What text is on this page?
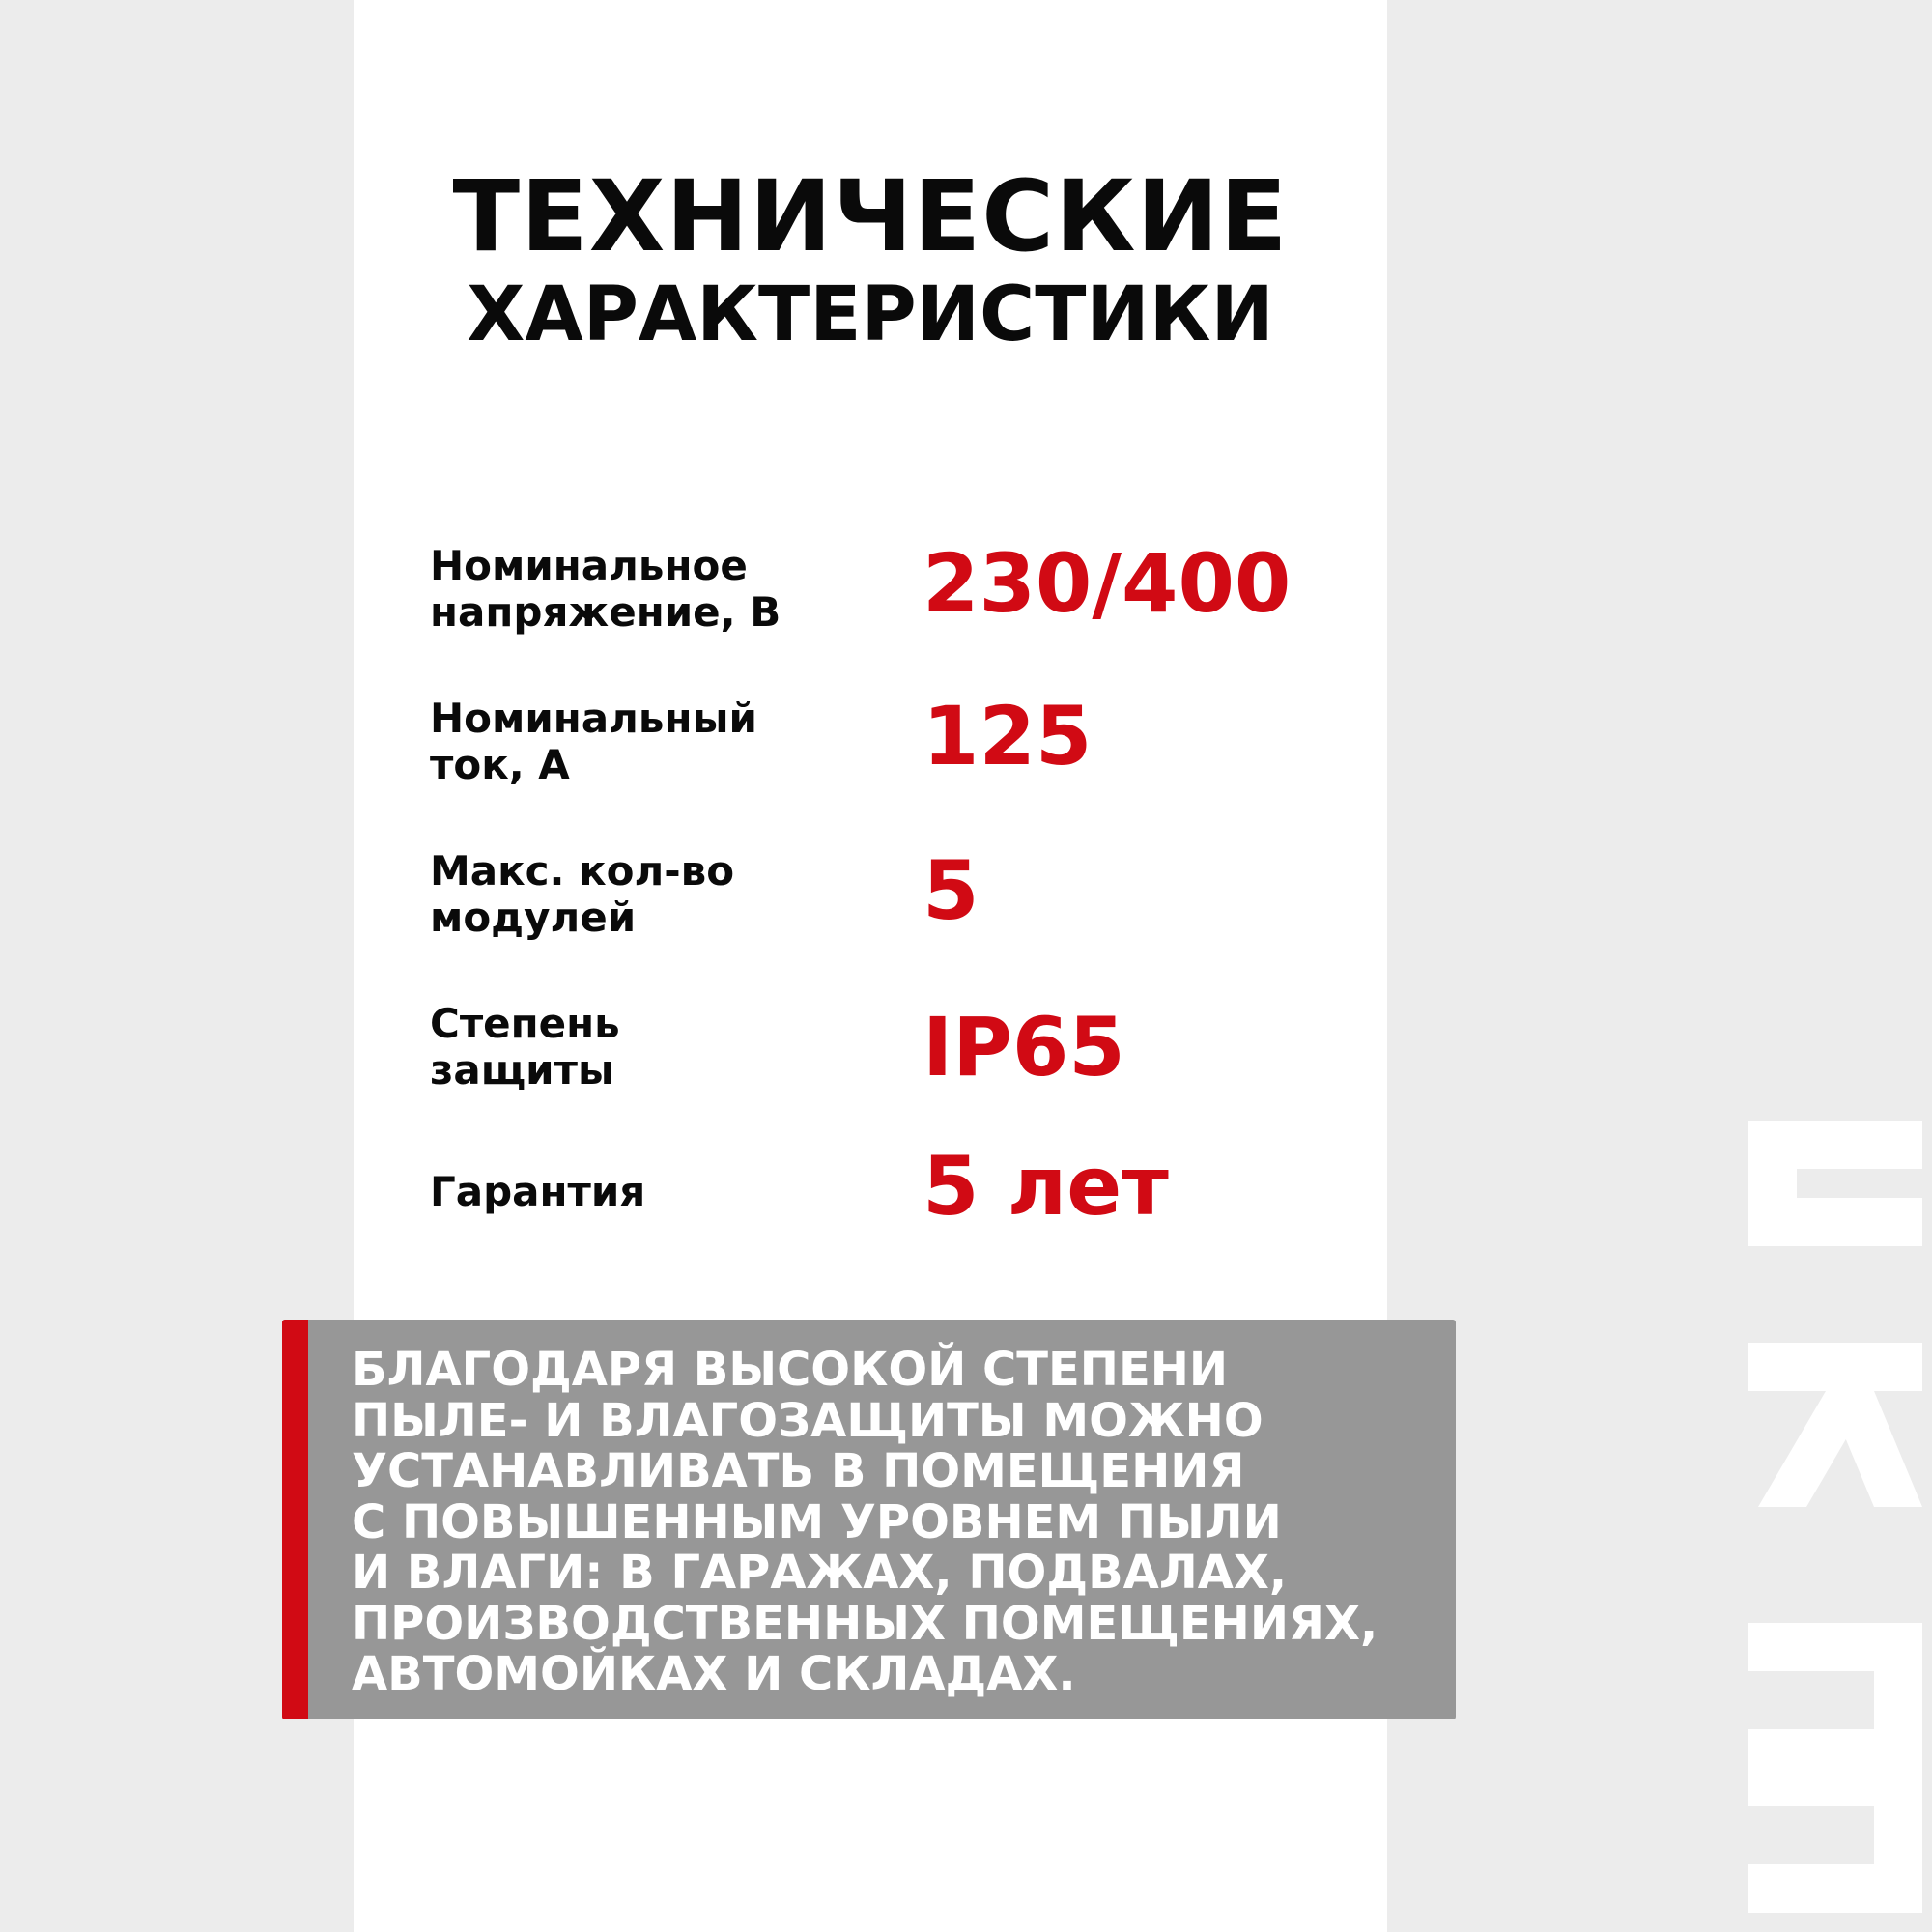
ТЕХНИЧЕСКИЕ
ХАРАКТЕРИСТИКИ
Номинальное
напряжение, В	230/400
Номинальный
ток, А	125
Макс. кол-во
модулей	5
Степень
защиты	IP65
Гарантия	5 лет
БЛАГОДАРЯ ВЫСОКОЙ СТЕПЕНИ
ПЫЛЕ- И ВЛАГОЗАЩИТЫ МОЖНО
УСТАНАВЛИВАТЬ В ПОМЕЩЕНИЯ
С ПОВЫШЕННЫМ УРОВНЕМ ПЫЛИ
И ВЛАГИ: В ГАРАЖАХ, ПОДВАЛАХ,
ПРОИЗВОДСТВЕННЫХ ПОМЕЩЕНИЯХ,
АВТОМОЙКАХ И СКЛАДАХ.
